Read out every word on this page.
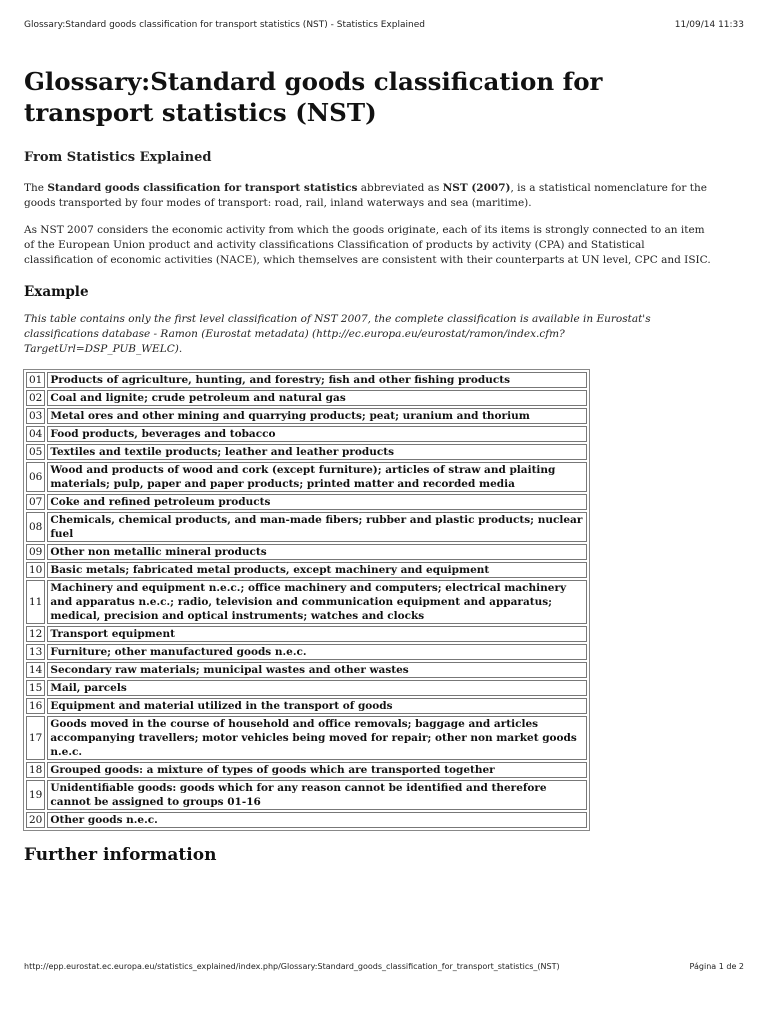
Glossary:Standard goods classification for transport statistics (NST) - Statistics Explained	11/09/14 11:33
Glossary:Standard goods classification for transport statistics (NST)
From Statistics Explained

The Standard goods classification for transport statistics abbreviated as NST (2007), is a statistical nomenclature for the goods transported by four modes of transport: road, rail, inland waterways and sea (maritime).

As NST 2007 considers the economic activity from which the goods originate, each of its items is strongly connected to an item of the European Union product and activity classifications Classification of products by activity (CPA) and Statistical classification of economic activities (NACE), which themselves are consistent with their counterparts at UN level, CPC and ISIC.

Example

This table contains only the first level classification of NST 2007, the complete classification is available in Eurostat's classifications database - Ramon (Eurostat metadata) (http://ec.europa.eu/eurostat/ramon/index.cfm?TargetUrl=DSP_PUB_WELC).

01	Products of agriculture, hunting, and forestry; fish and other fishing products
02	Coal and lignite; crude petroleum and natural gas
03	Metal ores and other mining and quarrying products; peat; uranium and thorium
04	Food products, beverages and tobacco
05	Textiles and textile products; leather and leather products
06	Wood and products of wood and cork (except furniture); articles of straw and plaiting materials; pulp, paper and paper products; printed matter and recorded media
07	Coke and refined petroleum products
08	Chemicals, chemical products, and man-made fibers; rubber and plastic products; nuclear fuel
09	Other non metallic mineral products
10	Basic metals; fabricated metal products, except machinery and equipment
11	Machinery and equipment n.e.c.; office machinery and computers; electrical machinery and apparatus n.e.c.; radio, television and communication equipment and apparatus; medical, precision and optical instruments; watches and clocks
12	Transport equipment
13	Furniture; other manufactured goods n.e.c.
14	Secondary raw materials; municipal wastes and other wastes
15	Mail, parcels
16	Equipment and material utilized in the transport of goods
17	Goods moved in the course of household and office removals; baggage and articles accompanying travellers; motor vehicles being moved for repair; other non market goods n.e.c.
18	Grouped goods: a mixture of types of goods which are transported together
19	Unidentifiable goods: goods which for any reason cannot be identified and therefore cannot be assigned to groups 01-16
20	Other goods n.e.c.
Further information
http://epp.eurostat.ec.europa.eu/statistics_explained/index.php/Glossary:Standard_goods_classification_for_transport_statistics_(NST)	Página 1 de 2
